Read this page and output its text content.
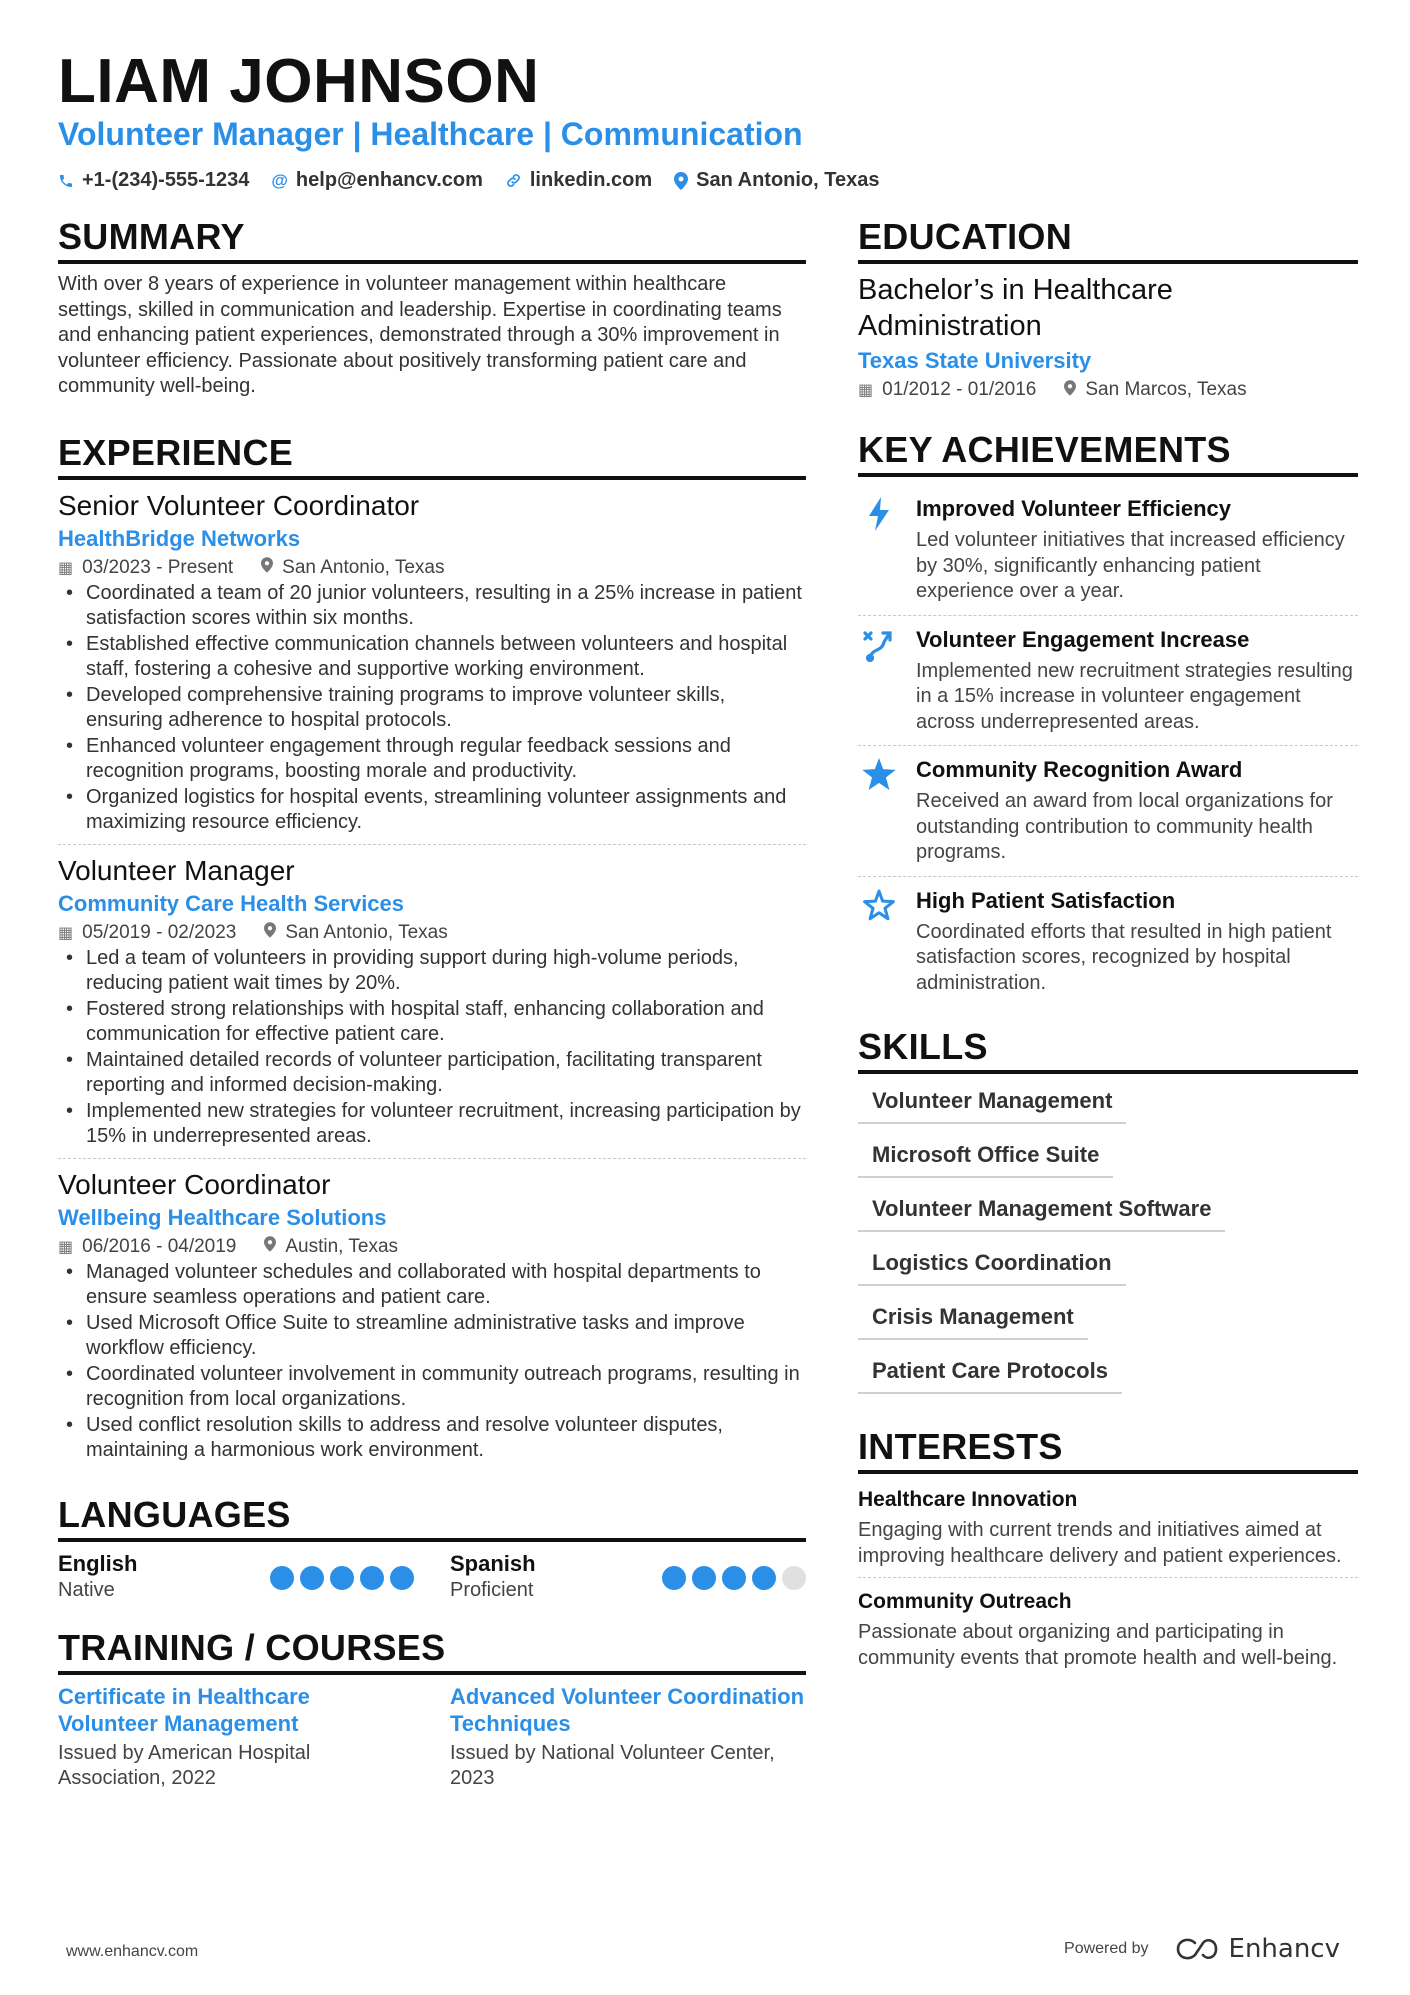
LIAM JOHNSON
Volunteer Manager | Healthcare | Communication
+1-(234)-555-1234 @ help@enhancv.com linkedin.com San Antonio, Texas
SUMMARY

With over 8 years of experience in volunteer management within healthcare settings, skilled in communication and leadership. Expertise in coordinating teams and enhancing patient experiences, demonstrated through a 30% improvement in volunteer efficiency. Passionate about positively transforming patient care and community well-being.

EXPERIENCE
Senior Volunteer Coordinator
HealthBridge Networks
▦ 03/2023 - Present	San Antonio, Texas
• Coordinated a team of 20 junior volunteers, resulting in a 25% increase in patient satisfaction scores within six months.
• Established effective communication channels between volunteers and hospital staff, fostering a cohesive and supportive working environment.
• Developed comprehensive training programs to improve volunteer skills, ensuring adherence to hospital protocols.
• Enhanced volunteer engagement through regular feedback sessions and recognition programs, boosting morale and productivity.
• Organized logistics for hospital events, streamlining volunteer assignments and maximizing resource efficiency.
Volunteer Manager
Community Care Health Services
▦ 05/2019 - 02/2023	San Antonio, Texas
• Led a team of volunteers in providing support during high-volume periods, reducing patient wait times by 20%.
• Fostered strong relationships with hospital staff, enhancing collaboration and communication for effective patient care.
• Maintained detailed records of volunteer participation, facilitating transparent reporting and informed decision-making.
• Implemented new strategies for volunteer recruitment, increasing participation by 15% in underrepresented areas.
Volunteer Coordinator
Wellbeing Healthcare Solutions
▦ 06/2016 - 04/2019	Austin, Texas
• Managed volunteer schedules and collaborated with hospital departments to ensure seamless operations and patient care.
• Used Microsoft Office Suite to streamline administrative tasks and improve workflow efficiency.
• Coordinated volunteer involvement in community outreach programs, resulting in recognition from local organizations.
• Used conflict resolution skills to address and resolve volunteer disputes, maintaining a harmonious work environment.
LANGUAGES
English
Native
Spanish
Proficient
TRAINING / COURSES
Certificate in Healthcare Volunteer Management
Issued by American Hospital Association, 2022
Advanced Volunteer Coordination Techniques
Issued by National Volunteer Center, 2023
EDUCATION
Bachelor’s in Healthcare Administration
Texas State University
▦ 01/2012 - 01/2016	San Marcos, Texas
KEY ACHIEVEMENTS
Improved Volunteer Efficiency
Led volunteer initiatives that increased efficiency by 30%, significantly enhancing patient experience over a year.
Volunteer Engagement Increase
Implemented new recruitment strategies resulting in a 15% increase in volunteer engagement across underrepresented areas.
Community Recognition Award
Received an award from local organizations for outstanding contribution to community health programs.
High Patient Satisfaction
Coordinated efforts that resulted in high patient satisfaction scores, recognized by hospital administration.
SKILLS
Volunteer Management
Microsoft Office Suite
Volunteer Management Software
Logistics Coordination
Crisis Management
Patient Care Protocols
INTERESTS
Healthcare Innovation
Engaging with current trends and initiatives aimed at improving healthcare delivery and patient experiences.
Community Outreach
Passionate about organizing and participating in community events that promote health and well-being.
www.enhancv.com	Powered by	Enhancv
